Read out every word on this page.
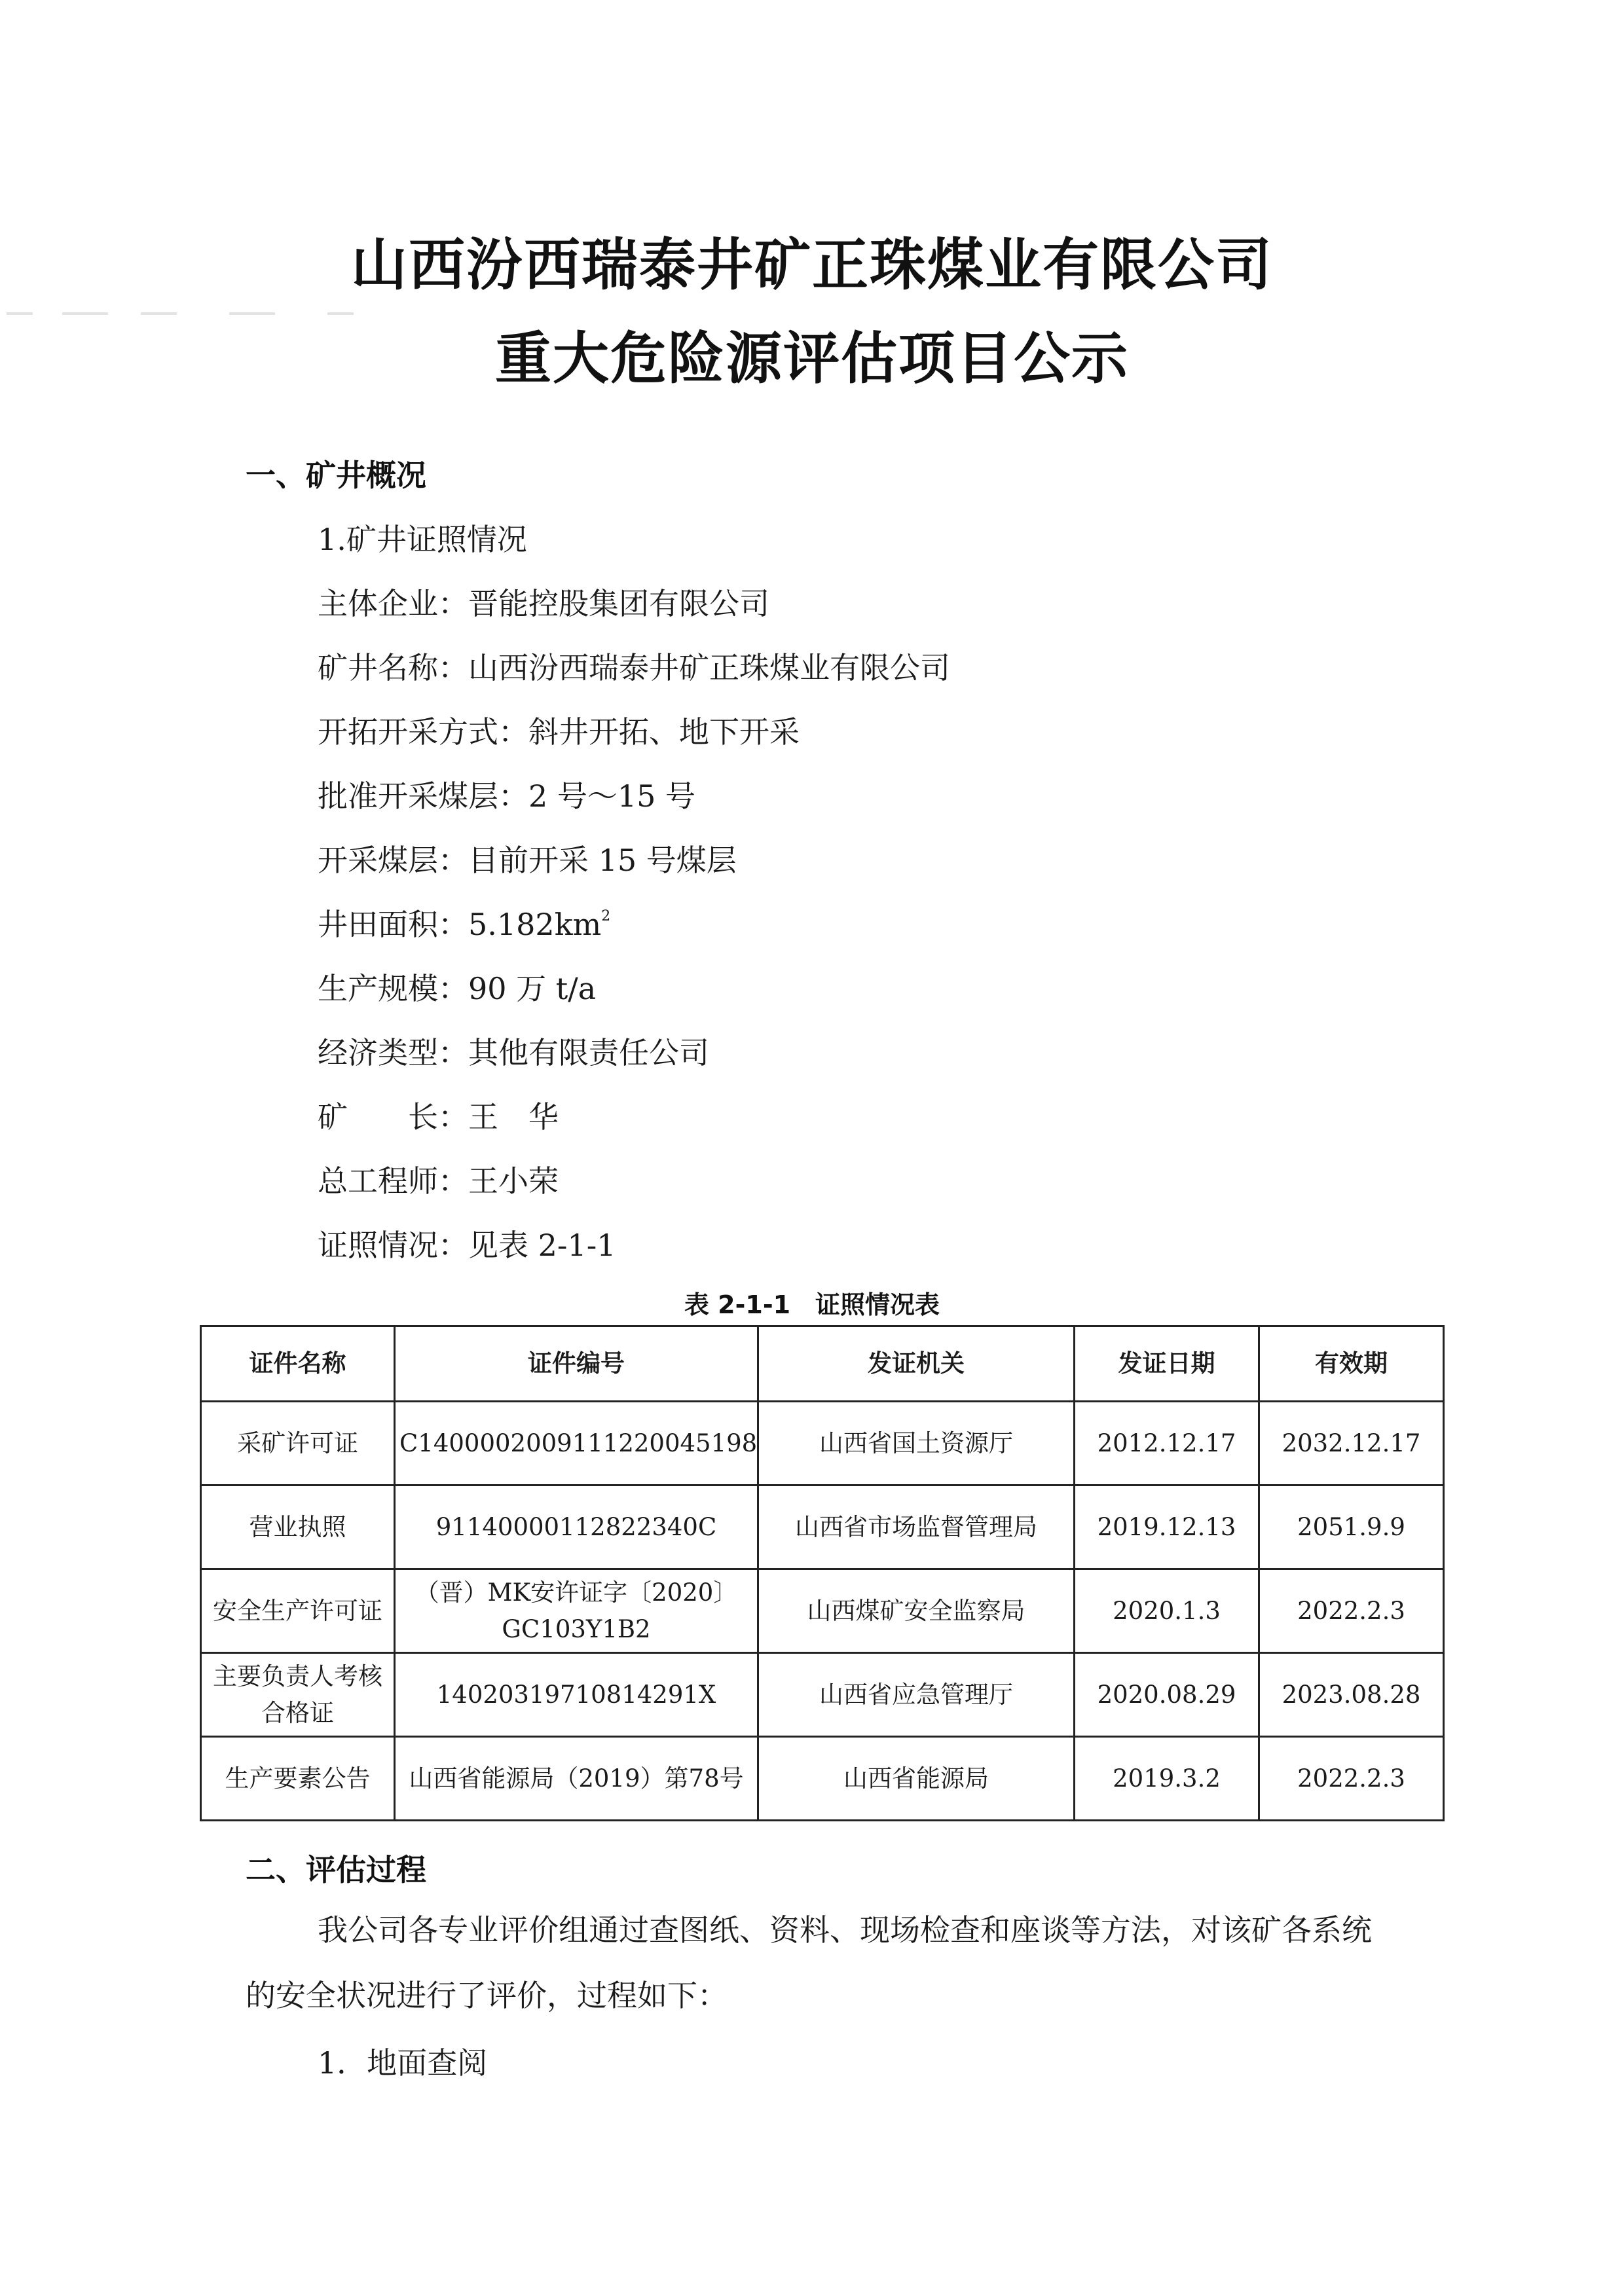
山西汾西瑞泰井矿正珠煤业有限公司
重大危险源评估项目公示
一、矿井概况
1.矿井证照情况
主体企业：晋能控股集团有限公司
矿井名称：山西汾西瑞泰井矿正珠煤业有限公司
开拓开采方式：斜井开拓、地下开采
批准开采煤层：2 号～15 号
开采煤层：目前开采 15 号煤层
井田面积：$5.182km^2$
生产规模：90 万 t/a
经济类型：其他有限责任公司
矿　　长：王　华
总工程师：王小荣
证照情况：见表 2-1-1
表 2-1-1　证照情况表
证件名称	证件编号	发证机关	发证日期	有效期
采矿许可证	C1400002009111220045198	山西省国土资源厅	2012.12.17	2032.12.17
营业执照	91140000112822340C	山西省市场监督管理局	2019.12.13	2051.9.9
安全生产许可证	（晋）MK安许证字〔2020〕GC103Y1B2	山西煤矿安全监察局	2020.1.3	2022.2.3
主要负责人考核合格证	14020319710814291X	山西省应急管理厅	2020.08.29	2023.08.28
生产要素公告	山西省能源局（2019）第78号	山西省能源局	2019.3.2	2022.2.3
二、评估过程
我公司各专业评价组通过查图纸、资料、现场检查和座谈等方法，对该矿各系统的安全状况进行了评价，过程如下：
1．地面查阅
